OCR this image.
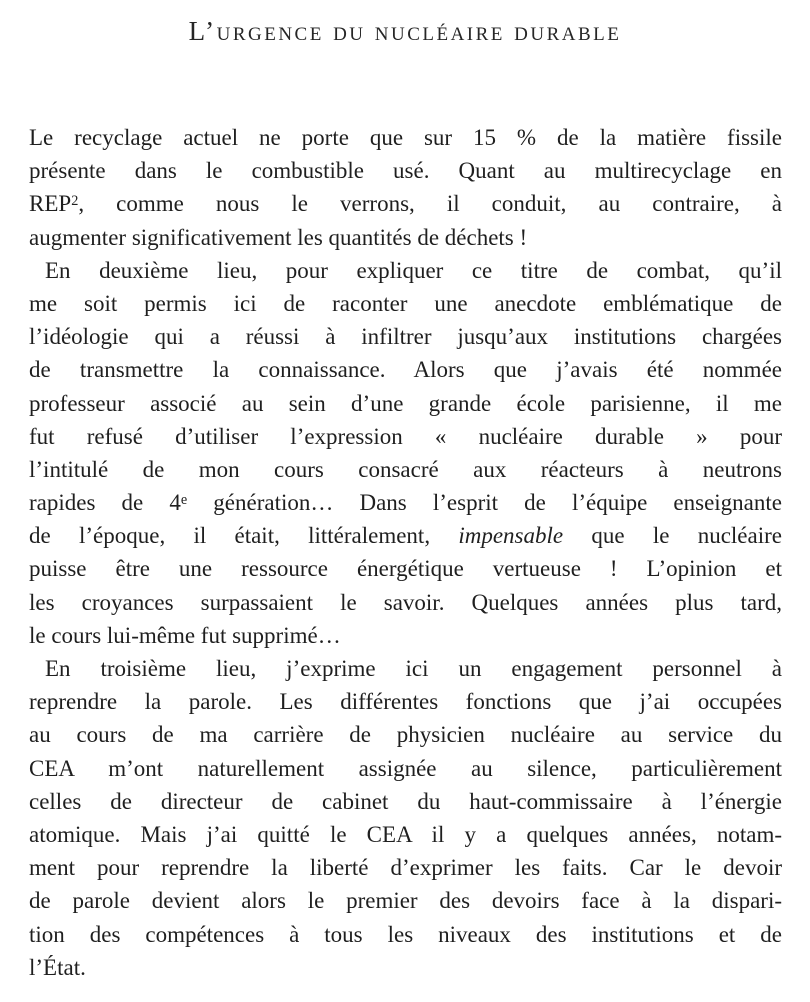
L’urgence du nucléaire durable
Le recyclage actuel ne porte que sur 15 % de la matière fissile
présente dans le combustible usé. Quant au multirecyclage en
REP$^2$, comme nous le verrons, il conduit, au contraire, à
augmenter significativement les quantités de déchets !
En deuxième lieu, pour expliquer ce titre de combat, qu’il
me soit permis ici de raconter une anecdote emblématique de
l’idéologie qui a réussi à infiltrer jusqu’aux institutions chargées
de transmettre la connaissance. Alors que j’avais été nommée
professeur associé au sein d’une grande école parisienne, il me
fut refusé d’utiliser l’expression « nucléaire durable » pour
l’intitulé de mon cours consacré aux réacteurs à neutrons
rapides de 4e génération… Dans l’esprit de l’équipe enseignante
de l’époque, il était, littéralement, impensable que le nucléaire
puisse être une ressource énergétique vertueuse ! L’opinion et
les croyances surpassaient le savoir. Quelques années plus tard,
le cours lui-même fut supprimé…
En troisième lieu, j’exprime ici un engagement personnel à
reprendre la parole. Les différentes fonctions que j’ai occupées
au cours de ma carrière de physicien nucléaire au service du
CEA m’ont naturellement assignée au silence, particulièrement
celles de directeur de cabinet du haut-commissaire à l’énergie
atomique. Mais j’ai quitté le CEA il y a quelques années, notam-
ment pour reprendre la liberté d’exprimer les faits. Car le devoir
de parole devient alors le premier des devoirs face à la dispari-
tion des compétences à tous les niveaux des institutions et de
l’État.
